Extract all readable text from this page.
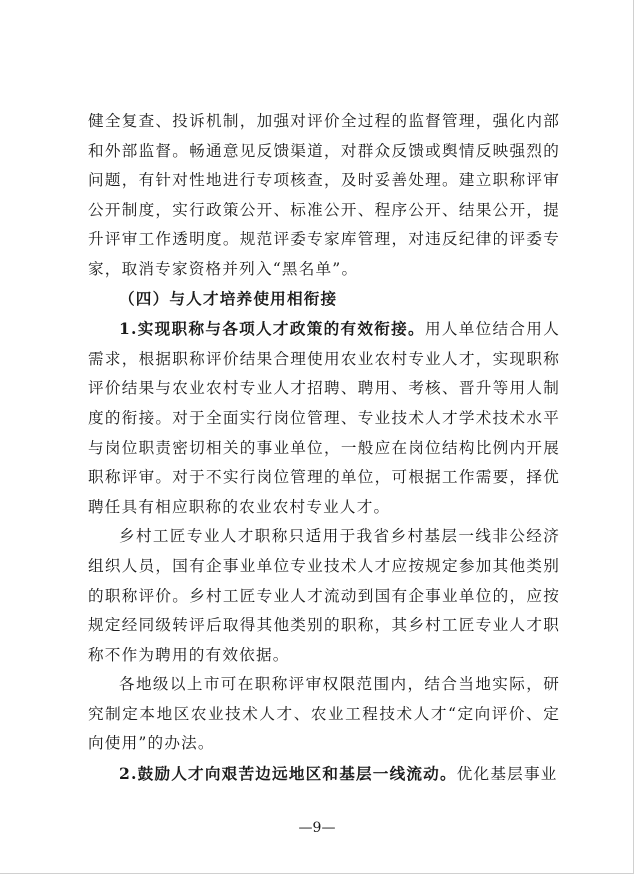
健全复查、投诉机制，加强对评价全过程的监督管理，强化内部和外部监督。畅通意见反馈渠道，对群众反馈或舆情反映强烈的问题，有针对性地进行专项核查，及时妥善处理。建立职称评审公开制度，实行政策公开、标准公开、程序公开、结果公开，提升评审工作透明度。规范评委专家库管理，对违反纪律的评委专家，取消专家资格并列入“黑名单”。

（四）与人才培养使用相衔接

1.实现职称与各项人才政策的有效衔接。用人单位结合用人需求，根据职称评价结果合理使用农业农村专业人才，实现职称评价结果与农业农村专业人才招聘、聘用、考核、晋升等用人制度的衔接。对于全面实行岗位管理、专业技术人才学术技术水平与岗位职责密切相关的事业单位，一般应在岗位结构比例内开展职称评审。对于不实行岗位管理的单位，可根据工作需要，择优聘任具有相应职称的农业农村专业人才。

乡村工匠专业人才职称只适用于我省乡村基层一线非公经济组织人员，国有企事业单位专业技术人才应按规定参加其他类别的职称评价。乡村工匠专业人才流动到国有企事业单位的，应按规定经同级转评后取得其他类别的职称，其乡村工匠专业人才职称不作为聘用的有效依据。

各地级以上市可在职称评审权限范围内，结合当地实际，研究制定本地区农业技术人才、农业工程技术人才“定向评价、定向使用”的办法。

2.鼓励人才向艰苦边远地区和基层一线流动。优化基层事业

—9—
